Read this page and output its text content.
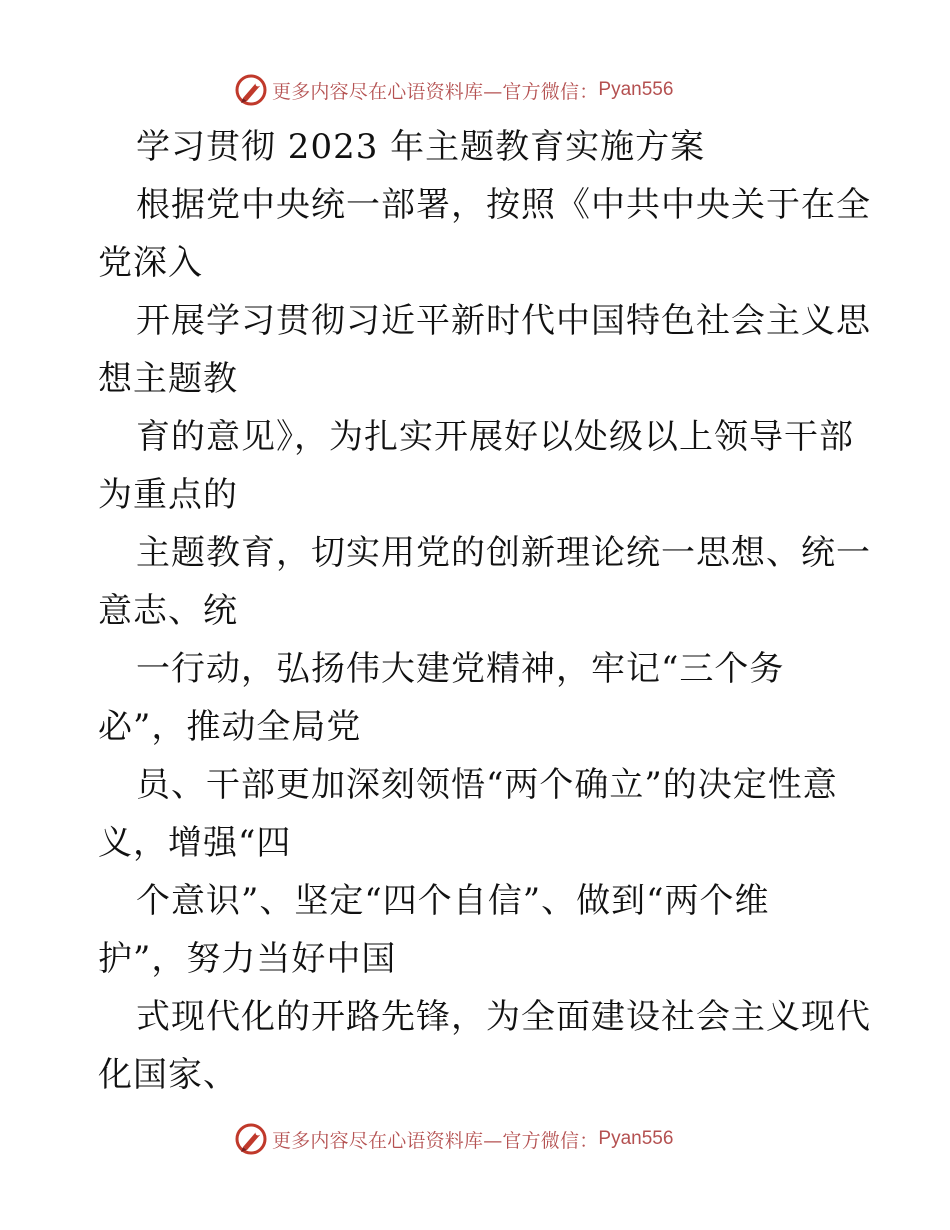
更多内容尽在心语资料库—官方微信： Pyan556
学习贯彻 2023 年主题教育实施方案
根据党中央统一部署，按照《中共中央关于在全
党深入
开展学习贯彻习近平新时代中国特色社会主义思
想主题教
育的意见》，为扎实开展好以处级以上领导干部
为重点的
主题教育，切实用党的创新理论统一思想、统一
意志、统
一行动，弘扬伟大建党精神，牢记“三个务
必”，推动全局党
员、干部更加深刻领悟“两个确立”的决定性意
义，增强“四
个意识”、坚定“四个自信”、做到“两个维
护”，努力当好中国
式现代化的开路先锋，为全面建设社会主义现代
化国家、
更多内容尽在心语资料库—官方微信： Pyan556
